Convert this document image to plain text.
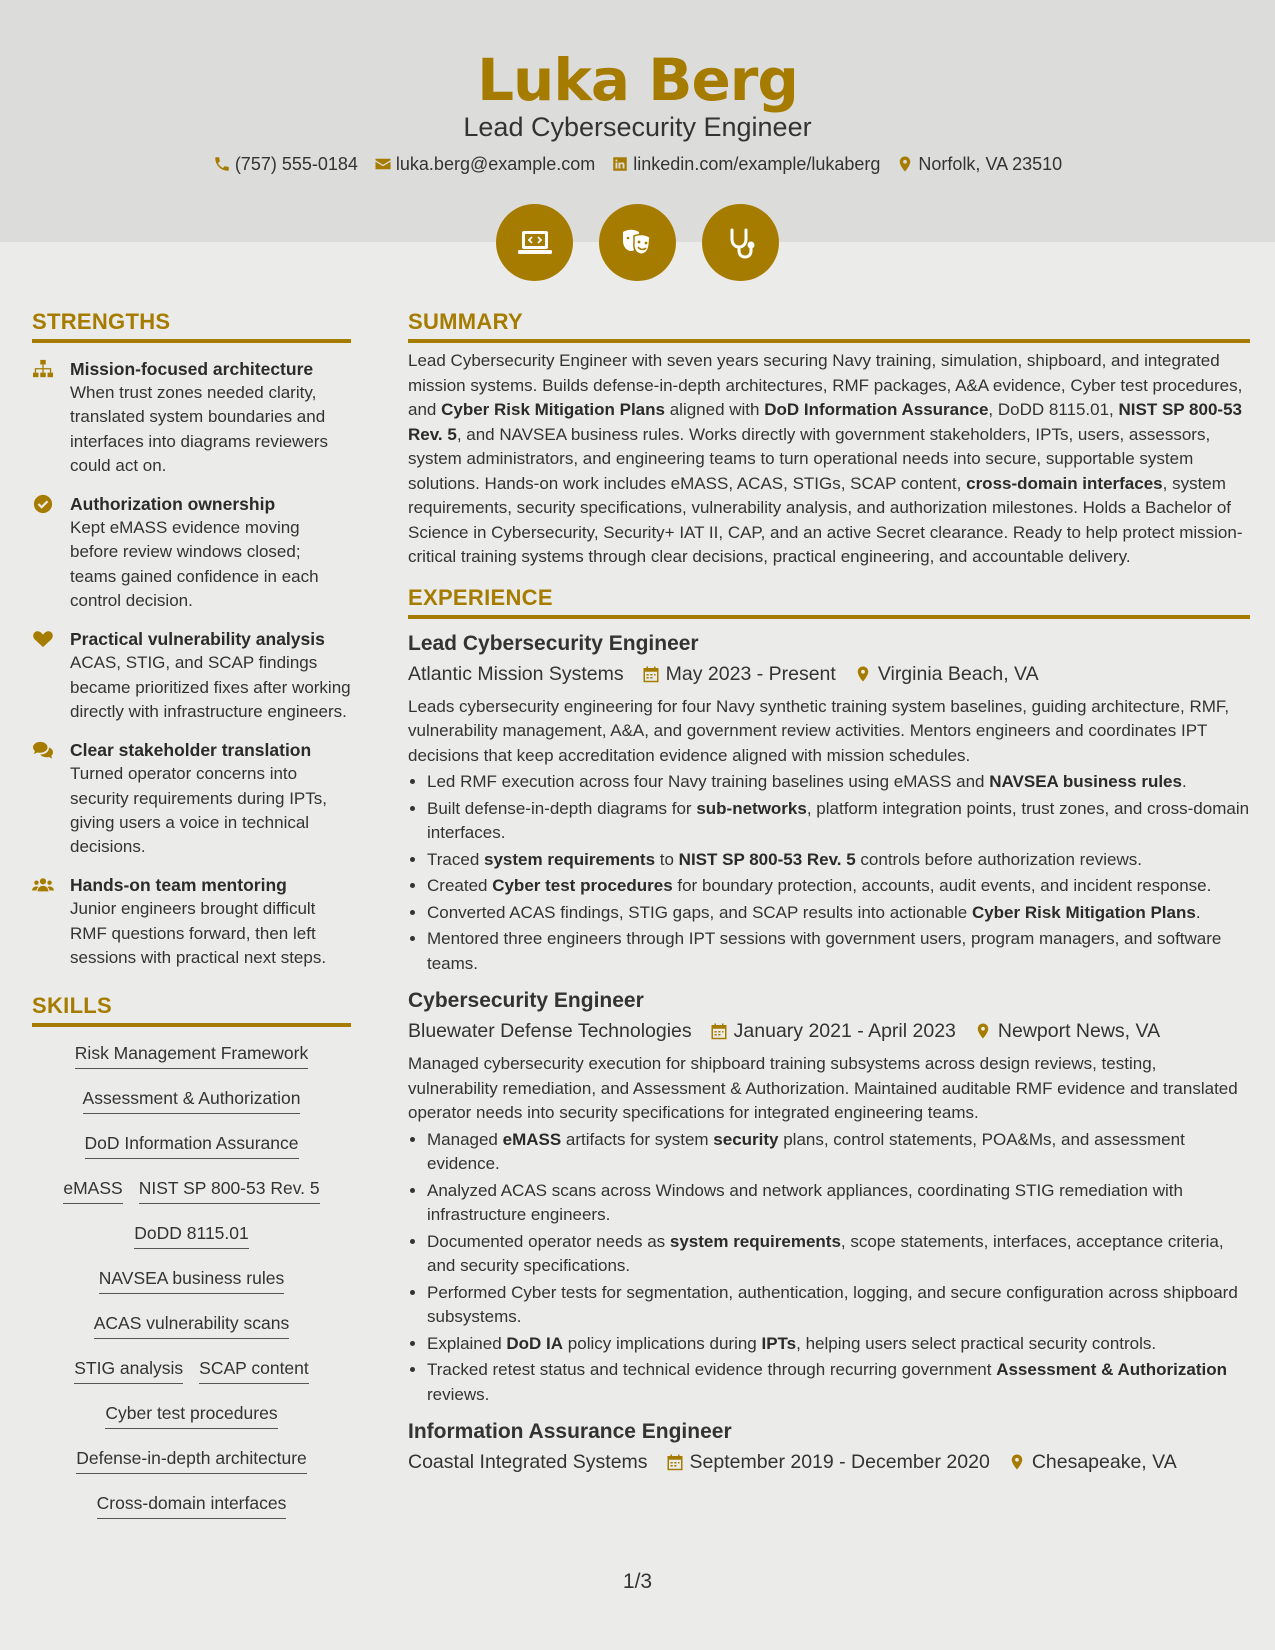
Luka Berg
Lead Cybersecurity Engineer
(757) 555-0184 luka.berg@example.com linkedin.com/example/lukaberg Norfolk, VA 23510
STRENGTHS
Mission-focused architecture
When trust zones needed clarity, translated system boundaries and interfaces into diagrams reviewers could act on.
Authorization ownership
Kept eMASS evidence moving before review windows closed; teams gained confidence in each control decision.
Practical vulnerability analysis
ACAS, STIG, and SCAP findings became prioritized fixes after working directly with infrastructure engineers.
Clear stakeholder translation
Turned operator concerns into security requirements during IPTs, giving users a voice in technical decisions.
Hands-on team mentoring
Junior engineers brought difficult RMF questions forward, then left sessions with practical next steps.
SKILLS
Risk Management Framework
Assessment & Authorization
DoD Information Assurance
eMASS NIST SP 800-53 Rev. 5
DoDD 8115.01
NAVSEA business rules
ACAS vulnerability scans
STIG analysis SCAP content
Cyber test procedures
Defense-in-depth architecture
Cross-domain interfaces
SUMMARY

Lead Cybersecurity Engineer with seven years securing Navy training, simulation, shipboard, and integrated mission systems. Builds defense-in-depth architectures, RMF packages, A&A evidence, Cyber test procedures, and Cyber Risk Mitigation Plans aligned with DoD Information Assurance, DoDD 8115.01, NIST SP 800-53 Rev. 5, and NAVSEA business rules. Works directly with government stakeholders, IPTs, users, assessors, system administrators, and engineering teams to turn operational needs into secure, supportable system solutions. Hands-on work includes eMASS, ACAS, STIGs, SCAP content, cross-domain interfaces, system requirements, security specifications, vulnerability analysis, and authorization milestones. Holds a Bachelor of Science in Cybersecurity, Security+ IAT II, CAP, and an active Secret clearance. Ready to help protect mission-critical training systems through clear decisions, practical engineering, and accountable delivery.

EXPERIENCE
Lead Cybersecurity Engineer
Atlantic Mission Systems May 2023 - Present Virginia Beach, VA
Leads cybersecurity engineering for four Navy synthetic training system baselines, guiding architecture, RMF, vulnerability management, A&A, and government review activities. Mentors engineers and coordinates IPT decisions that keep accreditation evidence aligned with mission schedules.
• Led RMF execution across four Navy training baselines using eMASS and NAVSEA business rules.
• Built defense-in-depth diagrams for sub-networks, platform integration points, trust zones, and cross-domain interfaces.
• Traced system requirements to NIST SP 800-53 Rev. 5 controls before authorization reviews.
• Created Cyber test procedures for boundary protection, accounts, audit events, and incident response.
• Converted ACAS findings, STIG gaps, and SCAP results into actionable Cyber Risk Mitigation Plans.
• Mentored three engineers through IPT sessions with government users, program managers, and software teams.
Cybersecurity Engineer
Bluewater Defense Technologies January 2021 - April 2023 Newport News, VA
Managed cybersecurity execution for shipboard training subsystems across design reviews, testing, vulnerability remediation, and Assessment & Authorization. Maintained auditable RMF evidence and translated operator needs into security specifications for integrated engineering teams.
• Managed eMASS artifacts for system security plans, control statements, POA&Ms, and assessment evidence.
• Analyzed ACAS scans across Windows and network appliances, coordinating STIG remediation with infrastructure engineers.
• Documented operator needs as system requirements, scope statements, interfaces, acceptance criteria, and security specifications.
• Performed Cyber tests for segmentation, authentication, logging, and secure configuration across shipboard subsystems.
• Explained DoD IA policy implications during IPTs, helping users select practical security controls.
• Tracked retest status and technical evidence through recurring government Assessment & Authorization reviews.
Information Assurance Engineer
Coastal Integrated Systems September 2019 - December 2020 Chesapeake, VA
1/3
